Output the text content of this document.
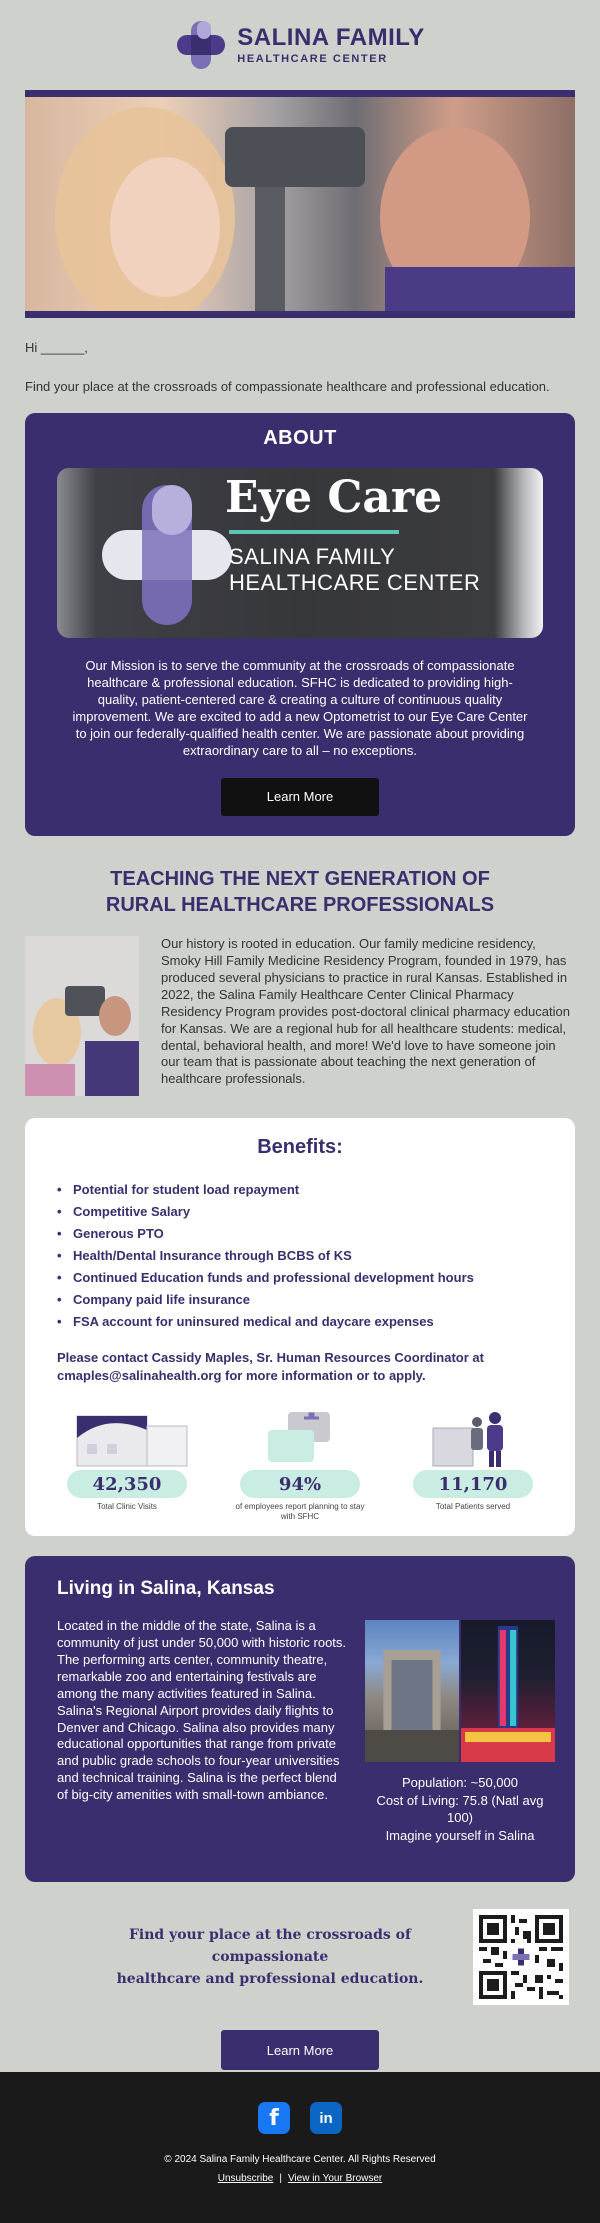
SALINA FAMILY
HEALTHCARE CENTER
Hi ______,
Find your place at the crossroads of compassionate healthcare and professional education.
ABOUT
Eye Care
SALINA FAMILY
HEALTHCARE CENTER

Our Mission is to serve the community at the crossroads of compassionate healthcare & professional education. SFHC is dedicated to providing high-quality, patient-centered care & creating a culture of continuous quality improvement. We are excited to add a new Optometrist to our Eye Care Center to join our federally-qualified health center. We are passionate about providing extraordinary care to all – no exceptions.

Learn More
TEACHING THE NEXT GENERATION OF
RURAL HEALTHCARE PROFESSIONALS

Our history is rooted in education. Our family medicine residency, Smoky Hill Family Medicine Residency Program, founded in 1979, has produced several physicians to practice in rural Kansas. Established in 2022, the Salina Family Healthcare Center Clinical Pharmacy Residency Program provides post-doctoral clinical pharmacy education for Kansas. We are a regional hub for all healthcare students: medical, dental, behavioral health, and more! We'd love to have someone join our team that is passionate about teaching the next generation of healthcare professionals.

Benefits:
• Potential for student load repayment
• Competitive Salary
• Generous PTO
• Health/Dental Insurance through BCBS of KS
• Continued Education funds and professional development hours
• Company paid life insurance
• FSA account for uninsured medical and daycare expenses

Please contact Cassidy Maples, Sr. Human Resources Coordinator at cmaples@salinahealth.org for more information or to apply.

42,350
Total Clinic Visits
94%
of employees report planning to stay with SFHC
11,170
Total Patients served
Living in Salina, Kansas

Located in the middle of the state, Salina is a community of just under 50,000 with historic roots. The performing arts center, community theatre, remarkable zoo and entertaining festivals are among the many activities featured in Salina. Salina's Regional Airport provides daily flights to Denver and Chicago. Salina also provides many educational opportunities that range from private and public grade schools to four-year universities and technical training. Salina is the perfect blend of big-city amenities with small-town ambiance.

Population: ~50,000
Cost of Living: 75.8 (Natl avg 100)
Imagine yourself in Salina
Find your place at the crossroads of compassionate
healthcare and professional education.
Learn More
f	in
© 2024 Salina Family Healthcare Center. All Rights Reserved
Unsubscribe | View in Your Browser
